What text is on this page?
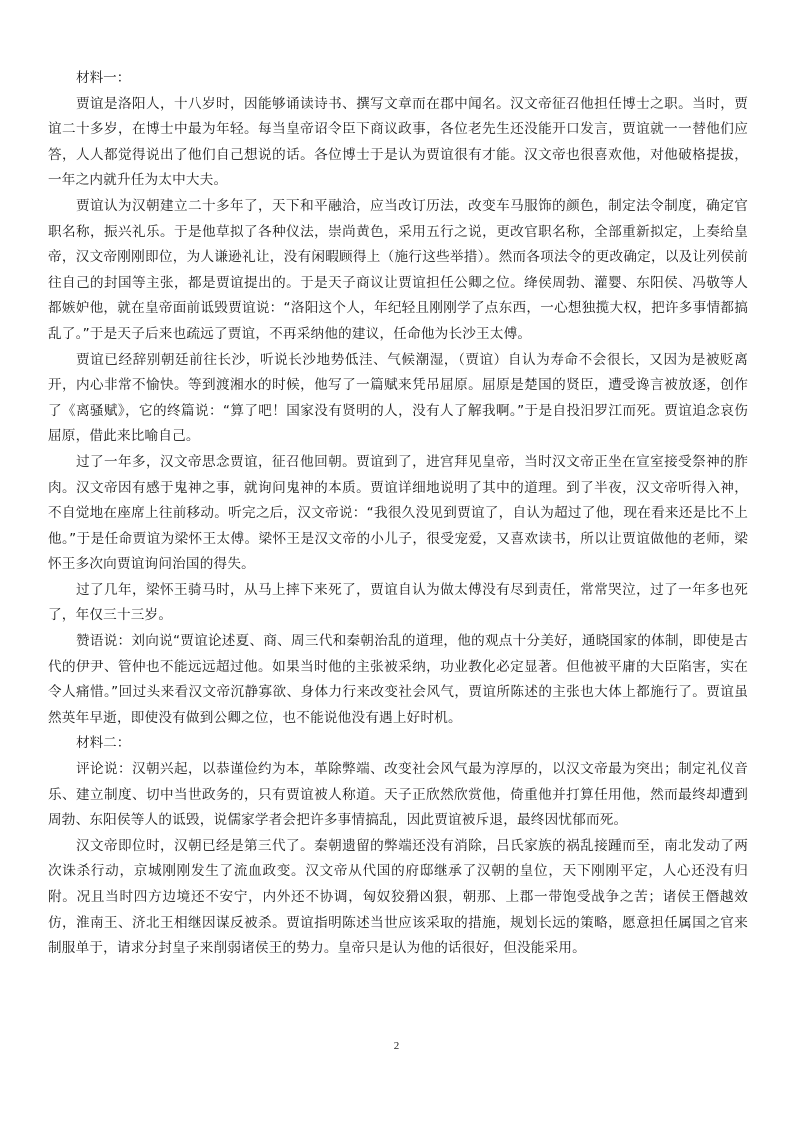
材料一：

贾谊是洛阳人，十八岁时，因能够诵读诗书、撰写文章而在郡中闻名。汉文帝征召他担任博士之职。当时，贾谊二十多岁，在博士中最为年轻。每当皇帝诏令臣下商议政事，各位老先生还没能开口发言，贾谊就一一替他们应答，人人都觉得说出了他们自己想说的话。各位博士于是认为贾谊很有才能。汉文帝也很喜欢他，对他破格提拔，一年之内就升任为太中大夫。

贾谊认为汉朝建立二十多年了，天下和平融洽，应当改订历法，改变车马服饰的颜色，制定法令制度，确定官职名称，振兴礼乐。于是他草拟了各种仪法，崇尚黄色，采用五行之说，更改官职名称，全部重新拟定，上奏给皇帝，汉文帝刚刚即位，为人谦逊礼让，没有闲暇顾得上（施行这些举措）。然而各项法令的更改确定，以及让列侯前往自己的封国等主张，都是贾谊提出的。于是天子商议让贾谊担任公卿之位。绛侯周勃、灌婴、东阳侯、冯敬等人都嫉妒他，就在皇帝面前诋毁贾谊说：“洛阳这个人，年纪轻且刚刚学了点东西，一心想独揽大权，把许多事情都搞乱了。”于是天子后来也疏远了贾谊，不再采纳他的建议，任命他为长沙王太傅。

贾谊已经辞别朝廷前往长沙，听说长沙地势低洼、气候潮湿，（贾谊）自认为寿命不会很长，又因为是被贬离开，内心非常不愉快。等到渡湘水的时候，他写了一篇赋来凭吊屈原。屈原是楚国的贤臣，遭受谗言被放逐，创作了《离骚赋》，它的终篇说：“算了吧！国家没有贤明的人，没有人了解我啊。”于是自投汨罗江而死。贾谊追念哀伤屈原，借此来比喻自己。

过了一年多，汉文帝思念贾谊，征召他回朝。贾谊到了，进宫拜见皇帝，当时汉文帝正坐在宣室接受祭神的胙肉。汉文帝因有感于鬼神之事，就询问鬼神的本质。贾谊详细地说明了其中的道理。到了半夜，汉文帝听得入神，不自觉地在座席上往前移动。听完之后，汉文帝说：“我很久没见到贾谊了，自认为超过了他，现在看来还是比不上他。”于是任命贾谊为梁怀王太傅。梁怀王是汉文帝的小儿子，很受宠爱，又喜欢读书，所以让贾谊做他的老师，梁怀王多次向贾谊询问治国的得失。

过了几年，梁怀王骑马时，从马上摔下来死了，贾谊自认为做太傅没有尽到责任，常常哭泣，过了一年多也死了，年仅三十三岁。

赞语说：刘向说“贾谊论述夏、商、周三代和秦朝治乱的道理，他的观点十分美好，通晓国家的体制，即使是古代的伊尹、管仲也不能远远超过他。如果当时他的主张被采纳，功业教化必定显著。但他被平庸的大臣陷害，实在令人痛惜。”回过头来看汉文帝沉静寡欲、身体力行来改变社会风气，贾谊所陈述的主张也大体上都施行了。贾谊虽然英年早逝，即使没有做到公卿之位，也不能说他没有遇上好时机。

材料二：

评论说：汉朝兴起，以恭谨俭约为本，革除弊端、改变社会风气最为淳厚的，以汉文帝最为突出；制定礼仪音乐、建立制度、切中当世政务的，只有贾谊被人称道。天子正欣然欣赏他，倚重他并打算任用他，然而最终却遭到周勃、东阳侯等人的诋毁，说儒家学者会把许多事情搞乱，因此贾谊被斥退，最终因忧郁而死。

汉文帝即位时，汉朝已经是第三代了。秦朝遗留的弊端还没有消除，吕氏家族的祸乱接踵而至，南北发动了两次诛杀行动，京城刚刚发生了流血政变。汉文帝从代国的府邸继承了汉朝的皇位，天下刚刚平定，人心还没有归附。况且当时四方边境还不安宁，内外还不协调，匈奴狡猾凶狠，朝那、上郡一带饱受战争之苦；诸侯王僭越效仿，淮南王、济北王相继因谋反被杀。贾谊指明陈述当世应该采取的措施，规划长远的策略，愿意担任属国之官来制服单于，请求分封皇子来削弱诸侯王的势力。皇帝只是认为他的话很好，但没能采用。

2
